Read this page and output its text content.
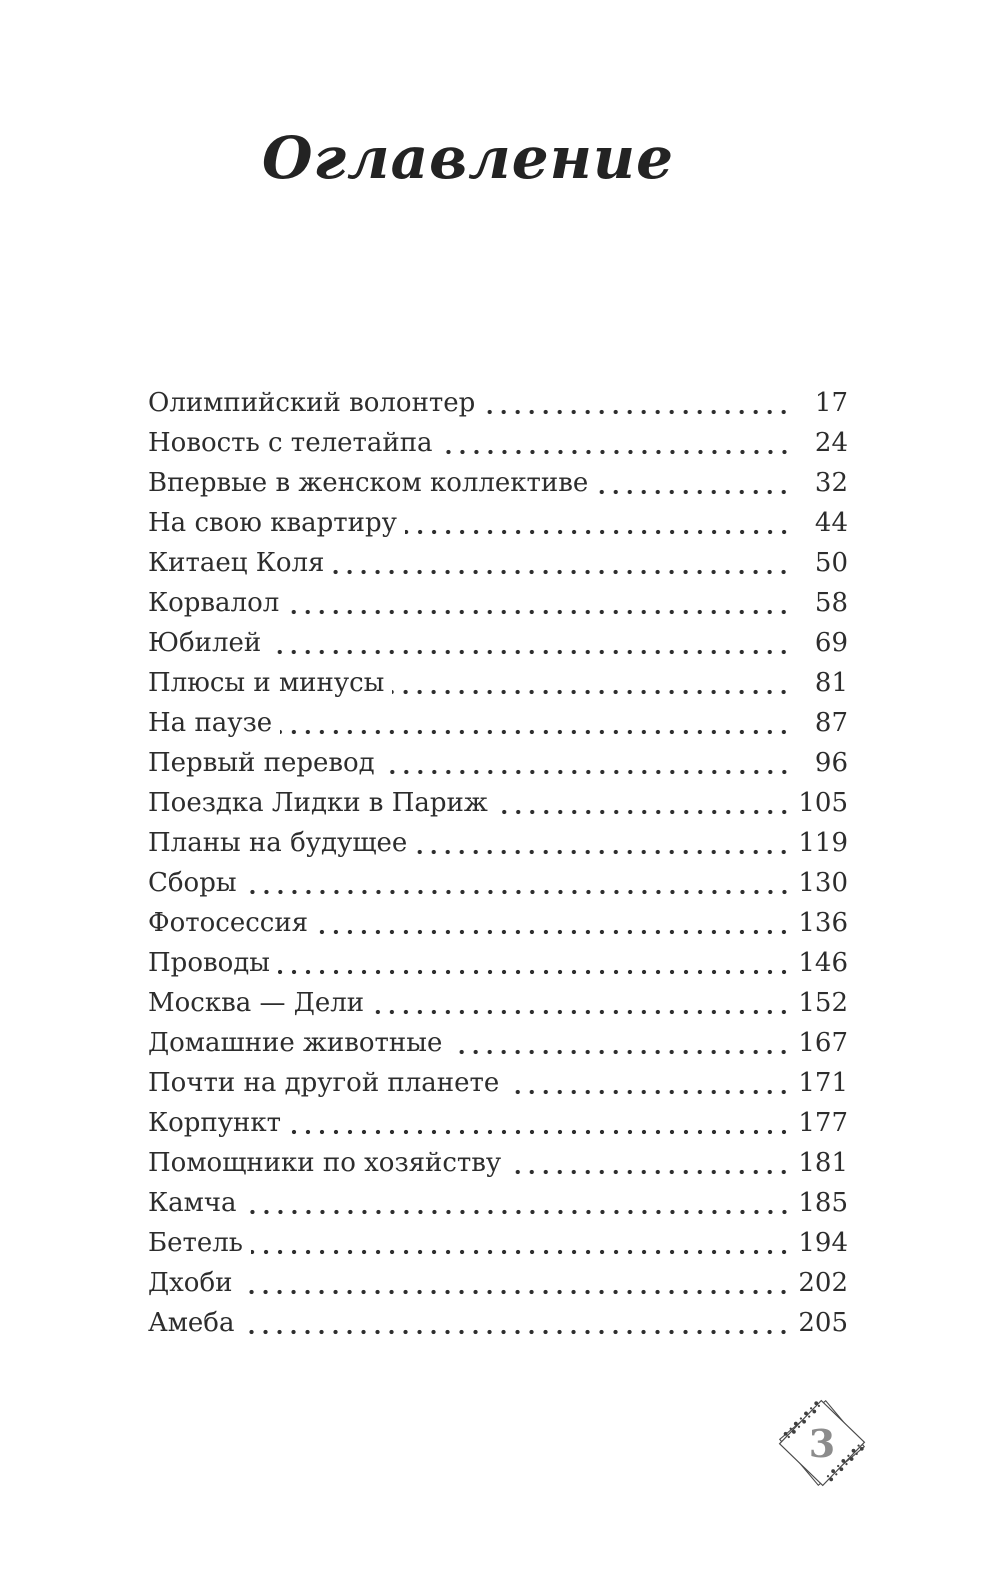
Оглавление
Олимпийский волонтер	17
Новость с телетайпа	24
Впервые в женском коллективе	32
На свою квартиру	44
Китаец Коля	50
Корвалол	58
Юбилей	69
Плюсы и минусы	81
На паузе	87
Первый перевод	96
Поездка Лидки в Париж	105
Планы на будущее	119
Сборы	130
Фотосессия	136
Проводы	146
Москва — Дели	152
Домашние животные	167
Почти на другой планете	171
Корпункт	177
Помощники по хозяйству	181
Камча	185
Бетель	194
Дхоби	202
Амеба	205
3
